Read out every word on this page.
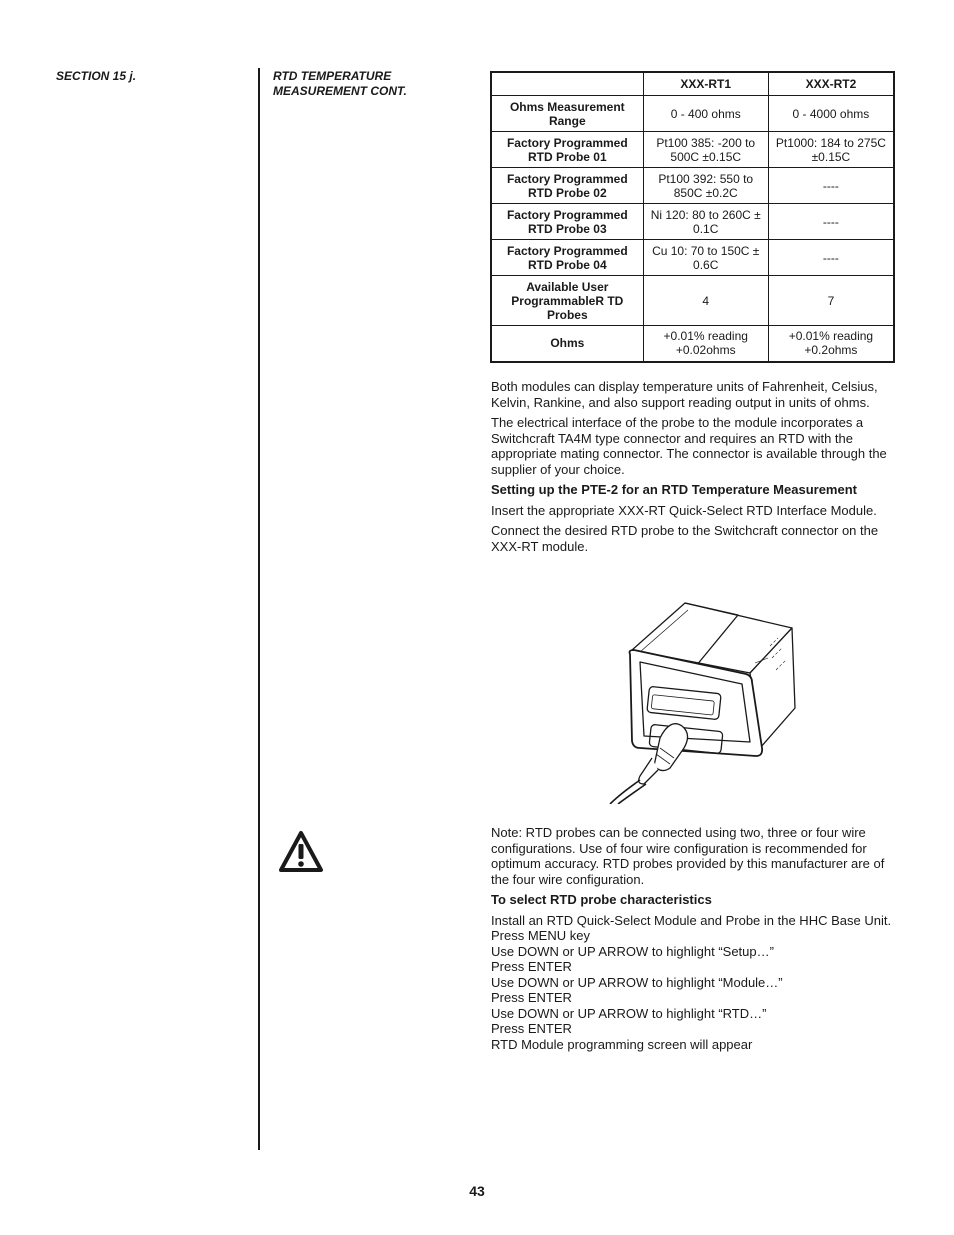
SECTION 15 j.	RTD TEMPERATURE MEASUREMENT CONT.
		XXX-RT1	XXX-RT2
Ohms Measurement Range	0 - 400 ohms	0 - 4000 ohms
Factory Programmed RTD Probe 01	Pt100 385: -200 to 500C ±0.15C	Pt1000: 184 to 275C ±0.15C
Factory Programmed RTD Probe 02	Pt100 392: 550 to 850C ±0.2C	----
Factory Programmed RTD Probe 03	Ni 120: 80 to 260C ± 0.1C	----
Factory Programmed RTD Probe 04	Cu 10: 70 to 150C ± 0.6C	----
Available User ProgrammableR TD Probes	4	7
Ohms	+0.01% reading +0.02ohms	+0.01% reading +0.2ohms

Both modules can display temperature units of Fahrenheit, Celsius, Kelvin, Rankine, and also support reading output in units of ohms.

The electrical interface of the probe to the module incorporates a Switchcraft TA4M type connector and requires an RTD with the appropriate mating connector. The connector is available through the supplier of your choice.

Setting up the PTE-2 for an RTD Temperature Measurement

Insert the appropriate XXX-RT Quick-Select RTD Interface Module.

Connect the desired RTD probe to the Switchcraft connector on the XXX-RT module.

Note: RTD probes can be connected using two, three or four wire configurations. Use of four wire configuration is recommended for optimum accuracy. RTD probes provided by this manufacturer are of the four wire configuration.

To select RTD probe characteristics

Install an RTD Quick-Select Module and Probe in the HHC Base Unit.
Press MENU key
Use DOWN or UP ARROW to highlight “Setup…”
Press ENTER
Use DOWN or UP ARROW to highlight “Module…”
Press ENTER
Use DOWN or UP ARROW to highlight “RTD…”
Press ENTER
RTD Module programming screen will appear
43
